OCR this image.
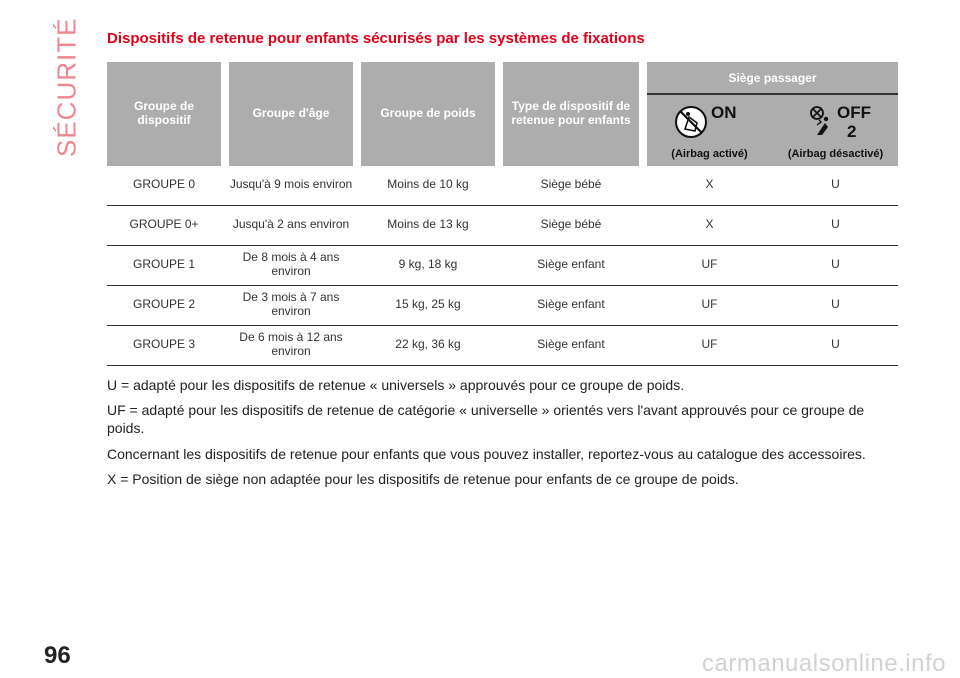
SÉCURITÉ Dispositifs de retenue pour enfants sécurisés par les systèmes de fixations
Groupe de dispositif	Groupe d'âge	Groupe de poids	Type de dispositif de retenue pour enfants
Siège passager
ON
(Airbag activé)
OFF
2
(Airbag désactivé)
GROUPE 0	Jusqu'à 9 mois environ	Moins de 10 kg	Siège bébé	X	U
GROUPE 0+	Jusqu'à 2 ans environ	Moins de 13 kg	Siège bébé	X	U
GROUPE 1	De 8 mois à 4 ans environ	9 kg, 18 kg	Siège enfant	UF	U
GROUPE 2	De 3 mois à 7 ans environ	15 kg, 25 kg	Siège enfant	UF	U
GROUPE 3	De 6 mois à 12 ans environ	22 kg, 36 kg	Siège enfant	UF	U

U = adapté pour les dispositifs de retenue « universels » approuvés pour ce groupe de poids.

UF = adapté pour les dispositifs de retenue de catégorie « universelle » orientés vers l'avant approuvés pour ce groupe de poids.

Concernant les dispositifs de retenue pour enfants que vous pouvez installer, reportez-vous au catalogue des accessoires.

X = Position de siège non adaptée pour les dispositifs de retenue pour enfants de ce groupe de poids.

96	carmanualsonline.info
